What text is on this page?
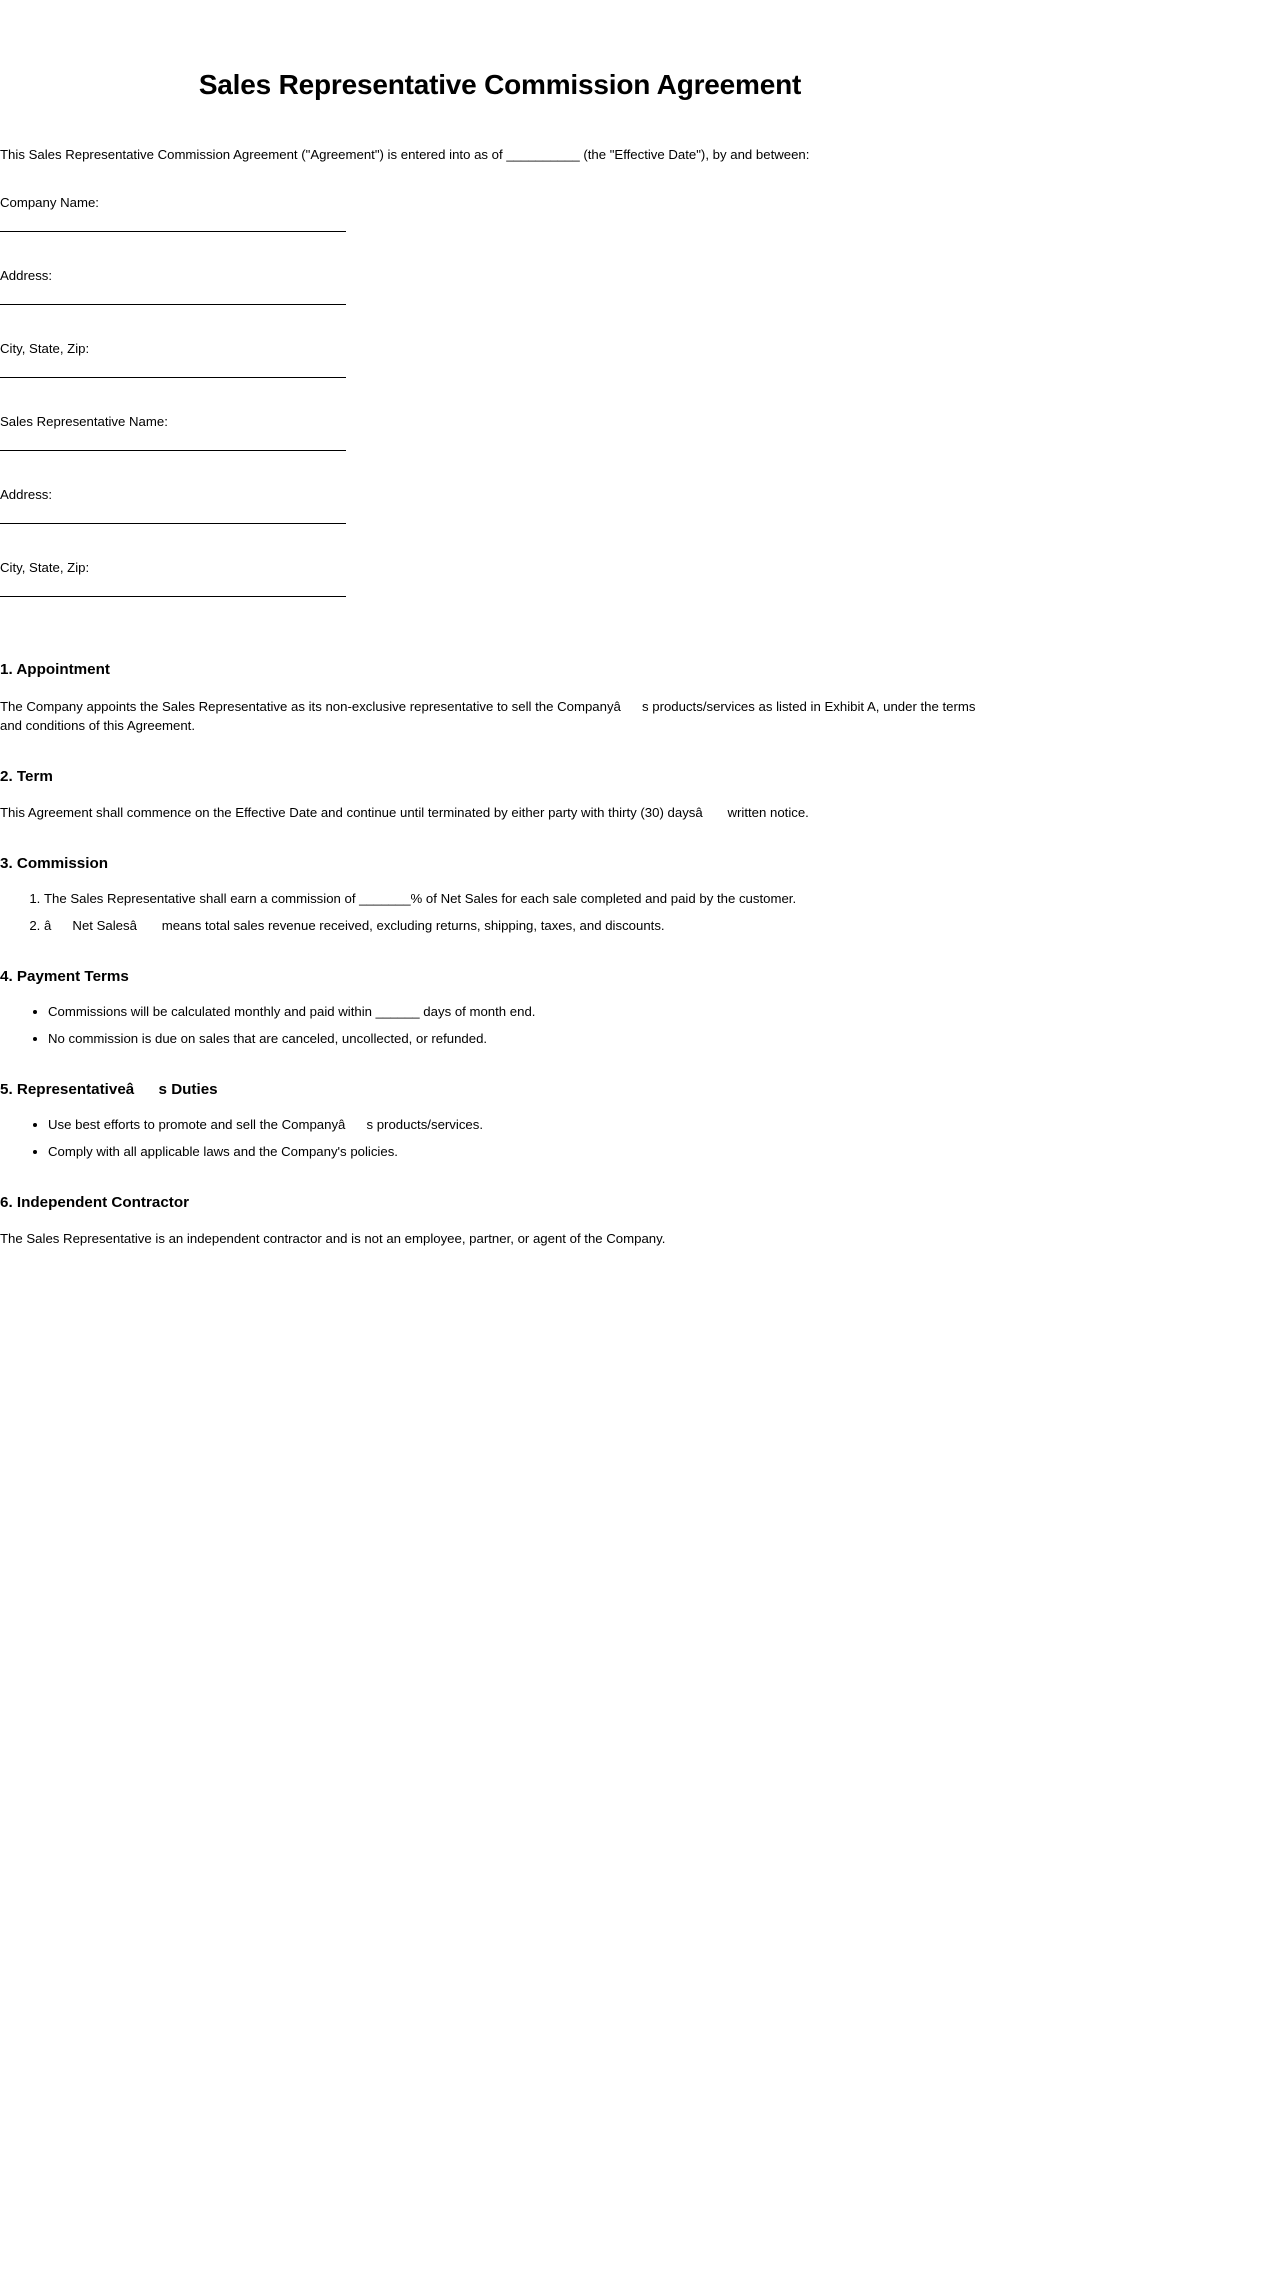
Sales Representative Commission Agreement

This Sales Representative Commission Agreement ("Agreement") is entered into as of __________ (the "Effective Date"), by and between:

Company Name:
Address:
City, State, Zip:
Sales Representative Name:
Address:
City, State, Zip:
1. Appointment

The Company appoints the Sales Representative as its non-exclusive representative to sell the Companyâs products/services as listed in Exhibit A, under the terms and conditions of this Agreement.

2. Term

This Agreement shall commence on the Effective Date and continue until terminated by either party with thirty (30) daysâ written notice.

3. Commission
1. The Sales Representative shall earn a commission of _______% of Net Sales for each sale completed and paid by the customer.
2. âNet Salesâ means total sales revenue received, excluding returns, shipping, taxes, and discounts.
4. Payment Terms
• Commissions will be calculated monthly and paid within ______ days of month end.
• No commission is due on sales that are canceled, uncollected, or refunded.
5. Representativeâs Duties
• Use best efforts to promote and sell the Companyâs products/services.
• Comply with all applicable laws and the Company's policies.
6. Independent Contractor

The Sales Representative is an independent contractor and is not an employee, partner, or agent of the Company.
